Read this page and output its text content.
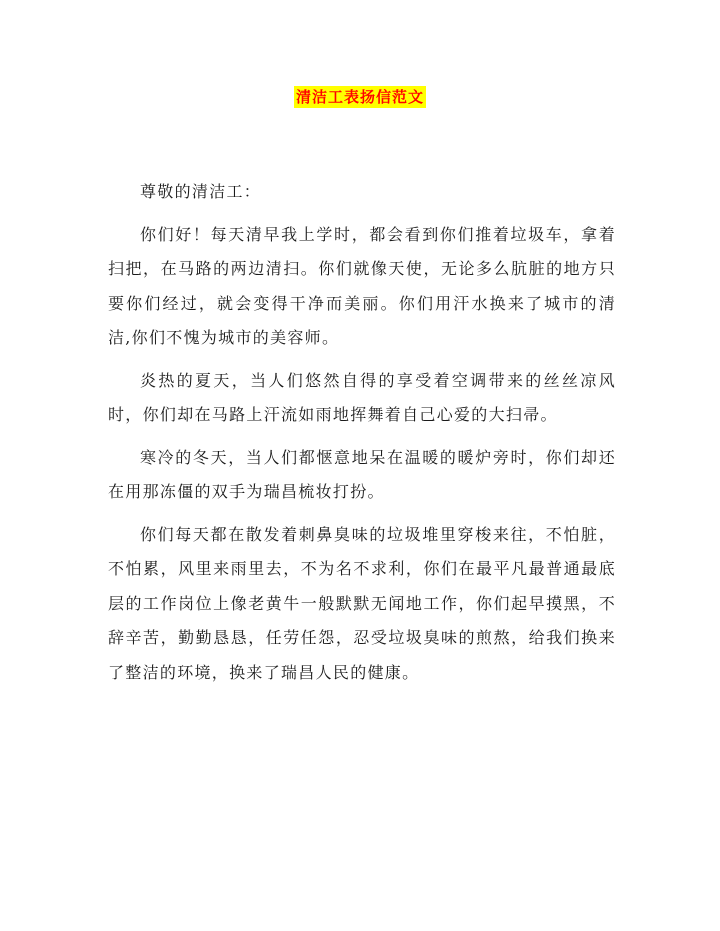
清洁工表扬信范文

尊敬的清洁工：

你们好！每天清早我上学时，都会看到你们推着垃圾车，拿着扫把，在马路的两边清扫。你们就像天使，无论多么肮脏的地方只要你们经过，就会变得干净而美丽。你们用汗水换来了城市的清洁,你们不愧为城市的美容师。

炎热的夏天，当人们悠然自得的享受着空调带来的丝丝凉风时，你们却在马路上汗流如雨地挥舞着自己心爱的大扫帚。

寒冷的冬天，当人们都惬意地呆在温暖的暖炉旁时，你们却还在用那冻僵的双手为瑞昌梳妆打扮。

你们每天都在散发着刺鼻臭味的垃圾堆里穿梭来往，不怕脏，不怕累，风里来雨里去，不为名不求利，你们在最平凡最普通最底层的工作岗位上像老黄牛一般默默无闻地工作，你们起早摸黑，不辞辛苦，勤勤恳恳，任劳任怨，忍受垃圾臭味的煎熬，给我们换来了整洁的环境，换来了瑞昌人民的健康。
